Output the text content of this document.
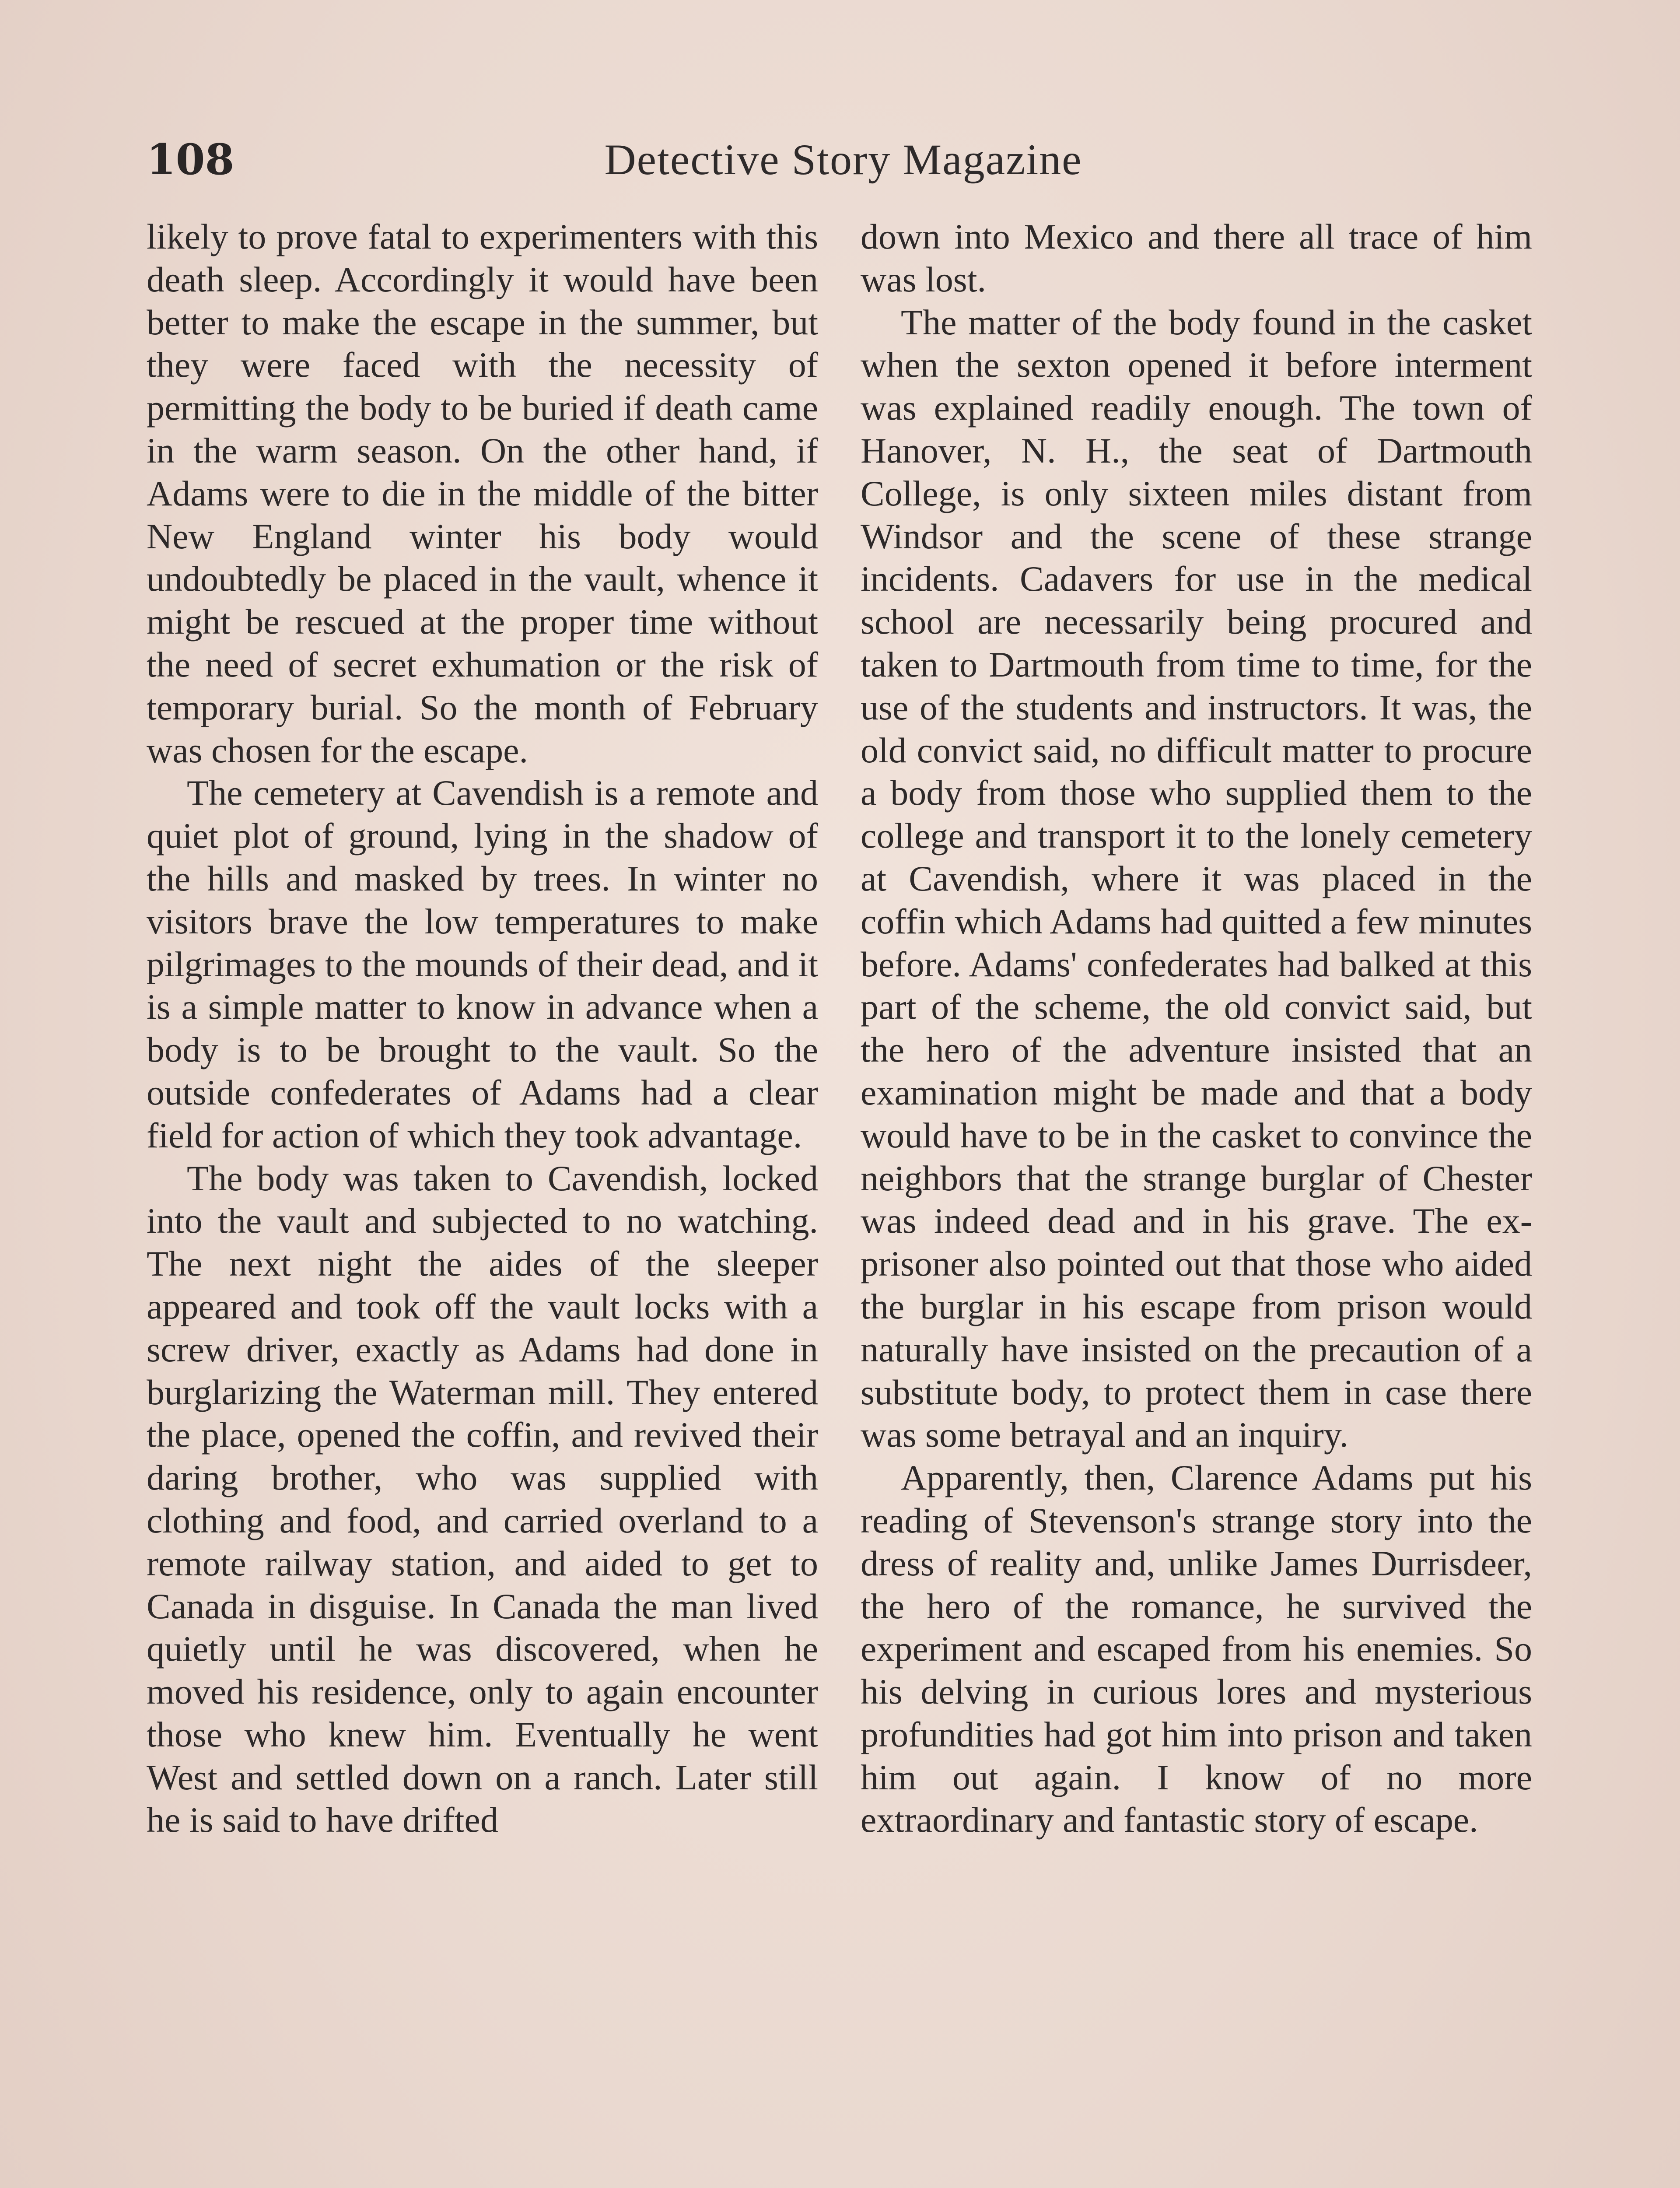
108	Detective Story Magazine

likely to prove fatal to experimenters with this death sleep. Accordingly it would have been better to make the escape in the summer, but they were faced with the necessity of permitting the body to be buried if death came in the warm season. On the other hand, if Adams were to die in the middle of the bitter New England winter his body would undoubtedly be placed in the vault, whence it might be rescued at the proper time without the need of secret exhumation or the risk of temporary burial. So the month of February was chosen for the escape.

The cemetery at Cavendish is a remote and quiet plot of ground, lying in the shadow of the hills and masked by trees. In winter no visitors brave the low temperatures to make pilgrimages to the mounds of their dead, and it is a simple matter to know in advance when a body is to be brought to the vault. So the outside confederates of Adams had a clear field for action of which they took advantage.

The body was taken to Cavendish, locked into the vault and subjected to no watching. The next night the aides of the sleeper appeared and took off the vault locks with a screw driver, exactly as Adams had done in burglarizing the Waterman mill. They entered the place, opened the coffin, and revived their daring brother, who was supplied with clothing and food, and carried overland to a remote railway station, and aided to get to Canada in disguise. In Canada the man lived quietly until he was discovered, when he moved his residence, only to again encounter those who knew him. Eventually he went West and settled down on a ranch. Later still he is said to have drifted

down into Mexico and there all trace of him was lost.

The matter of the body found in the casket when the sexton opened it before interment was explained readily enough. The town of Hanover, N. H., the seat of Dartmouth College, is only sixteen miles distant from Windsor and the scene of these strange incidents. Cadavers for use in the medical school are necessarily being procured and taken to Dartmouth from time to time, for the use of the students and instructors. It was, the old convict said, no difficult matter to procure a body from those who supplied them to the college and transport it to the lonely cemetery at Cavendish, where it was placed in the coffin which Adams had quitted a few minutes before. Adams' confederates had balked at this part of the scheme, the old convict said, but the hero of the adventure insisted that an examination might be made and that a body would have to be in the casket to convince the neighbors that the strange burglar of Chester was indeed dead and in his grave. The ex-prisoner also pointed out that those who aided the burglar in his escape from prison would naturally have insisted on the precaution of a substitute body, to protect them in case there was some betrayal and an inquiry.

Apparently, then, Clarence Adams put his reading of Stevenson's strange story into the dress of reality and, unlike James Durrisdeer, the hero of the romance, he survived the experiment and escaped from his enemies. So his delving in curious lores and mysterious profundities had got him into prison and taken him out again. I know of no more extraordinary and fantastic story of escape.
